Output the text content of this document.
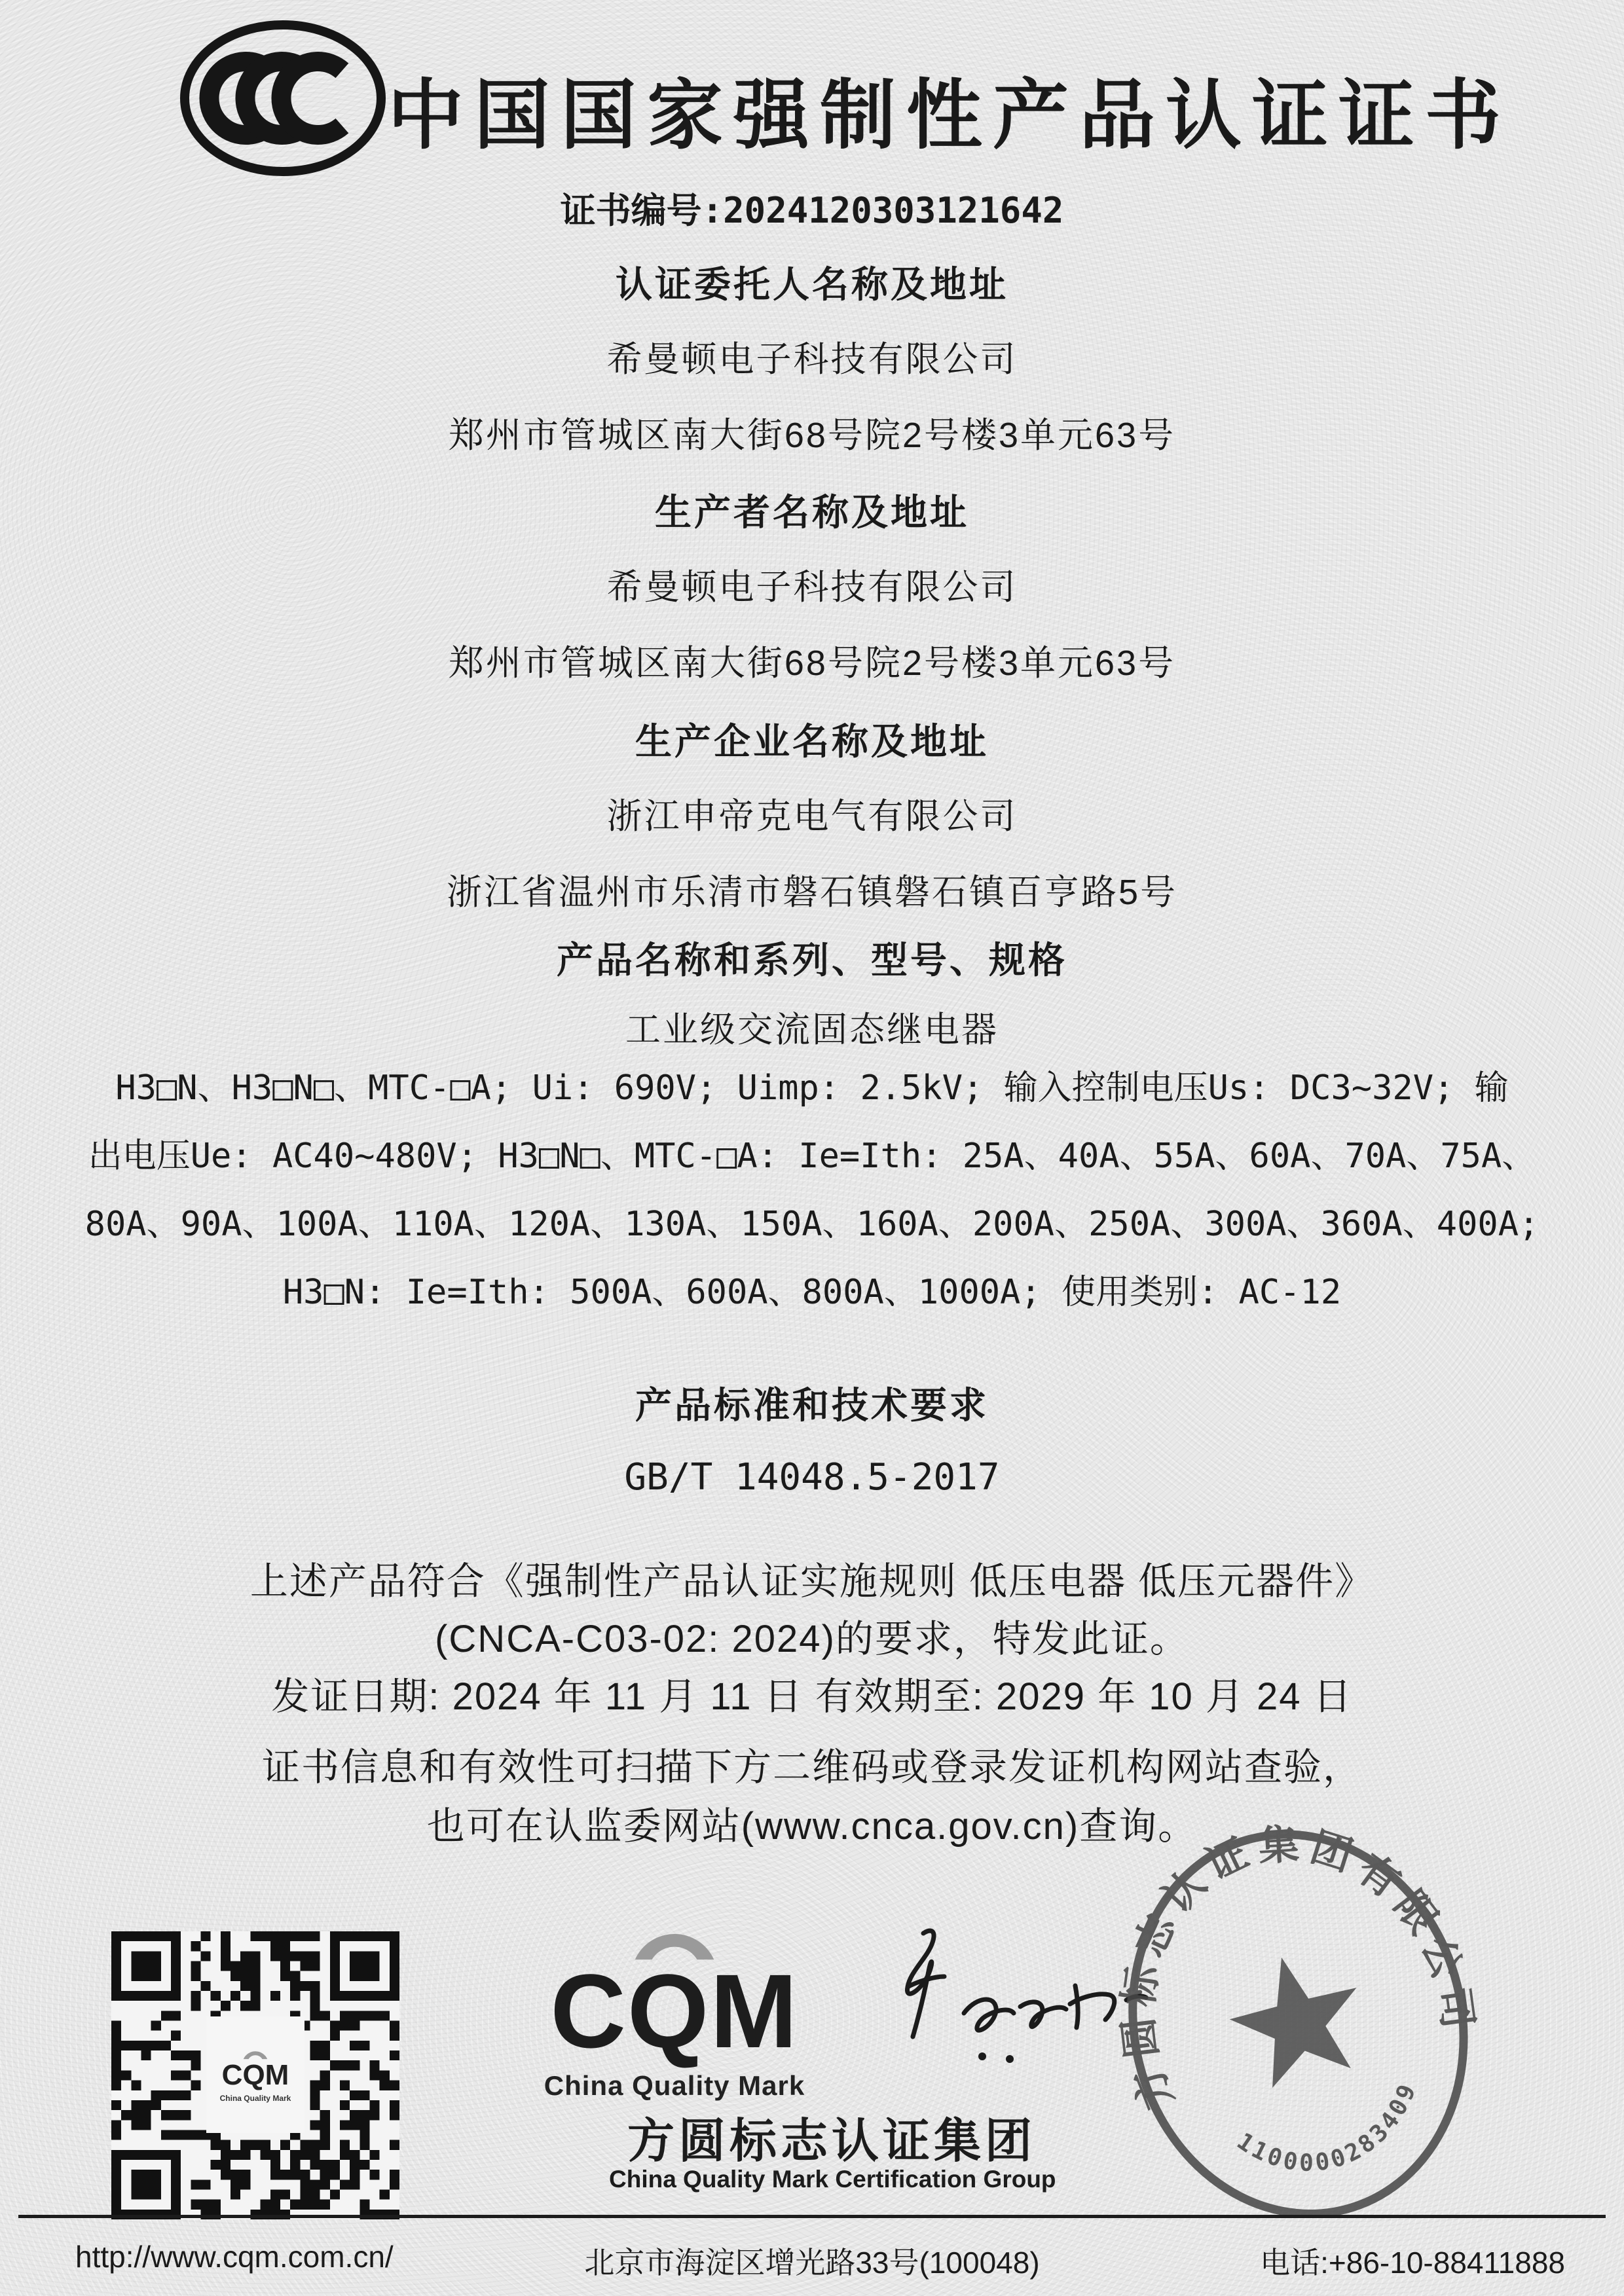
中国国家强制性产品认证证书
证书编号:2024120303121642
认证委托人名称及地址
希曼顿电子科技有限公司
郑州市管城区南大街68号院2号楼3单元63号
生产者名称及地址
希曼顿电子科技有限公司
郑州市管城区南大街68号院2号楼3单元63号
生产企业名称及地址
浙江申帝克电气有限公司
浙江省温州市乐清市磐石镇磐石镇百亨路5号
产品名称和系列、型号、规格
工业级交流固态继电器
H3□N、H3□N□、MTC-□A; Ui: 690V; Uimp: 2.5kV; 输入控制电压Us: DC3~32V; 输
出电压Ue: AC40~480V; H3□N□、MTC-□A: Ie=Ith: 25A、40A、55A、60A、70A、75A、
80A、90A、100A、110A、120A、130A、150A、160A、200A、250A、300A、360A、400A;
H3□N: Ie=Ith: 500A、600A、800A、1000A; 使用类别: AC-12
产品标准和技术要求
GB/T 14048.5-2017
上述产品符合《强制性产品认证实施规则 低压电器 低压元器件》
(CNCA-C03-02: 2024)的要求，特发此证。
发证日期: 2024 年 11 月 11 日 有效期至: 2029 年 10 月 24 日
证书信息和有效性可扫描下方二维码或登录发证机构网站查验，
也可在认监委网站(www.cnca.gov.cn)查询。
CQM
China Quality Mark
CQM
China Quality Mark	方圆标志认证集团有限公司
1100000283409
方圆标志认证集团
China Quality Mark Certification Group
http://www.cqm.com.cn/	北京市海淀区增光路33号(100048)	电话:+86-10-88411888
